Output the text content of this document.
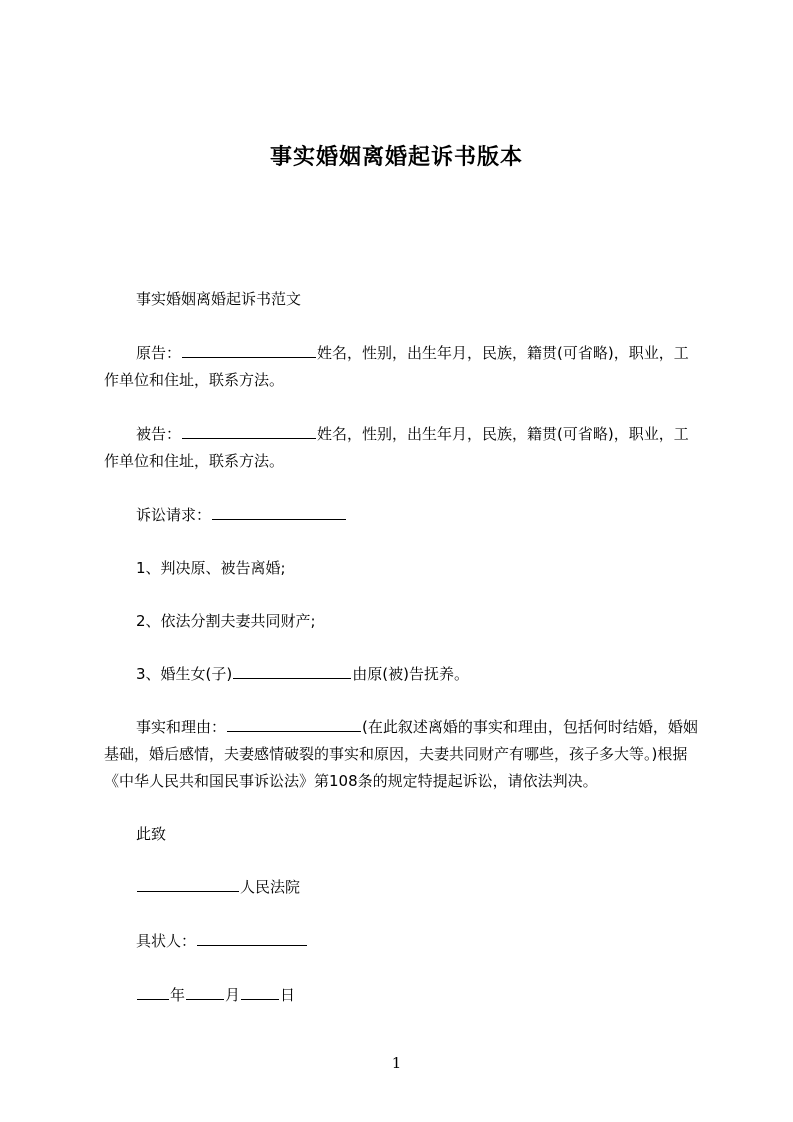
事实婚姻离婚起诉书版本
事实婚姻离婚起诉书范文
原告：	姓名，性别，出生年月，民族，籍贯(可省略)，职业，工作单位和住址，联系方法。
被告：	姓名，性别，出生年月，民族，籍贯(可省略)，职业，工作单位和住址，联系方法。
诉讼请求：
1、判决原、被告离婚;
2、依法分割夫妻共同财产;
3、婚生女(子)	由原(被)告抚养。
事实和理由：	(在此叙述离婚的事实和理由，包括何时结婚，婚姻基础，婚后感情，夫妻感情破裂的事实和原因，夫妻共同财产有哪些，孩子多大等。)根据《中华人民共和国民事诉讼法》第108条的规定特提起诉讼，请依法判决。
此致
人民法院
具状人：
年	月	日
1
